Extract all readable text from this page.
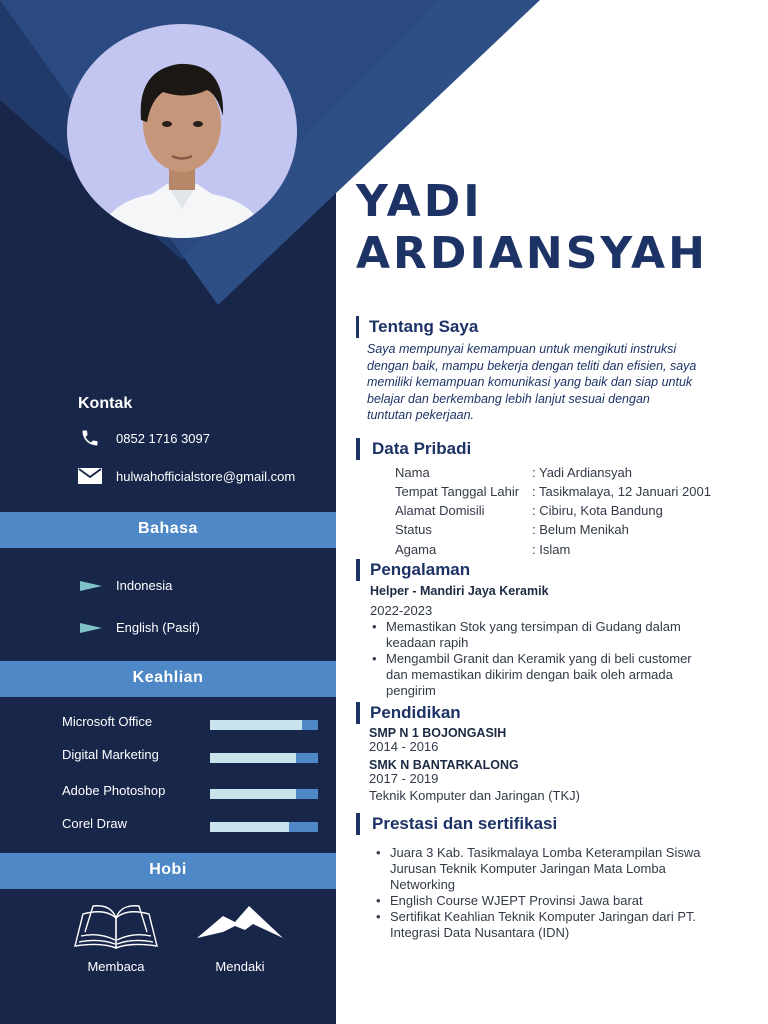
YADI
ARDIANSYAH
Kontak
0852 1716 3097
hulwahofficialstore@gmail.com
Bahasa
Indonesia
English (Pasif)
Keahlian
Microsoft Office
Digital Marketing
Adobe Photoshop
Corel Draw
Hobi
Membaca	Mendaki
Tentang Saya
Saya mempunyai kemampuan untuk mengikuti instruksi dengan baik, mampu bekerja dengan teliti dan efisien, saya memiliki kemampuan komunikasi yang baik dan siap untuk belajar dan berkembang lebih lanjut sesuai dengan tuntutan pekerjaan.
Data Pribadi
Nama	: Yadi Ardiansyah
Tempat Tanggal Lahir : Tasikmalaya, 12 Januari 2001
Alamat Domisili	: Cibiru, Kota Bandung
Status	: Belum Menikah
Agama	: Islam
Pengalaman
Helper - Mandiri Jaya Keramik
2022-2023
• Memastikan Stok yang tersimpan di Gudang dalam keadaan rapih
• Mengambil Granit dan Keramik yang di beli customer dan memastikan dikirim dengan baik oleh armada pengirim
Pendidikan
SMP N 1 BOJONGASIH
2014 - 2016
SMK N BANTARKALONG
2017 - 2019
Teknik Komputer dan Jaringan (TKJ)
Prestasi dan sertifikasi
• Juara 3 Kab. Tasikmalaya Lomba Keterampilan Siswa Jurusan Teknik Komputer Jaringan Mata Lomba Networking
• English Course WJEPT Provinsi Jawa barat
• Sertifikat Keahlian Teknik Komputer Jaringan dari PT. Integrasi Data Nusantara (IDN)
